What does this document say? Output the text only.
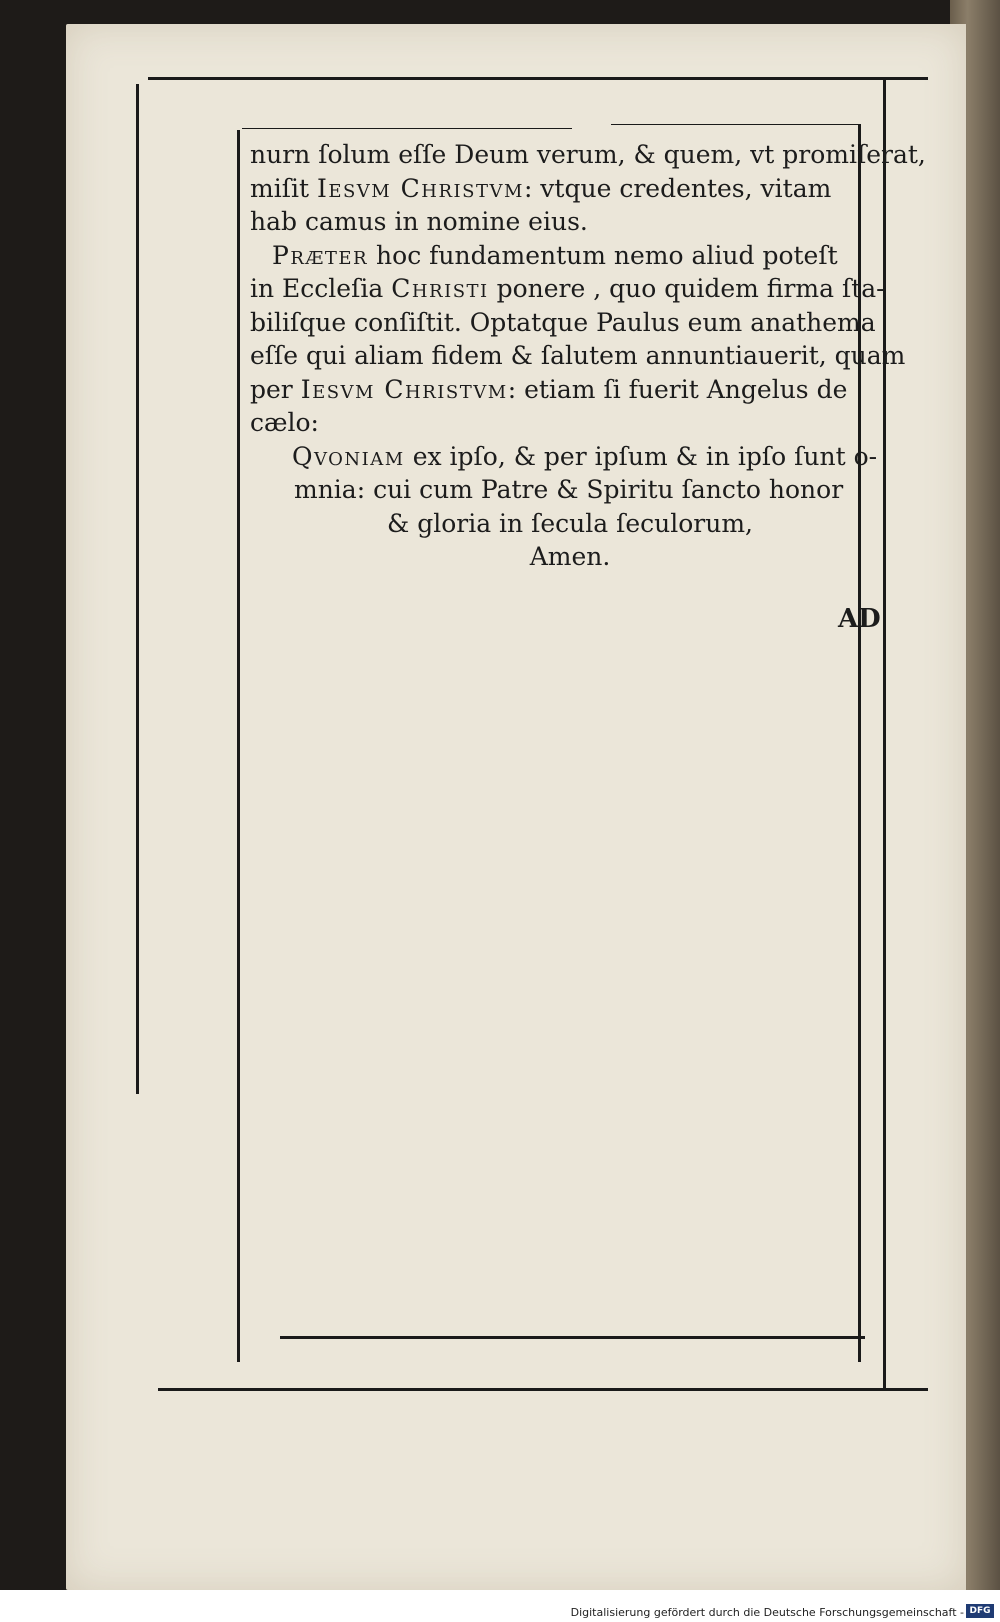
nurn ſolum eſſe Deum verum, & quem, vt promiſerat,
miſit Iesvm Christvm: vtque credentes, vitam
hab camus in nomine eius.
Præter hoc fundamentum nemo aliud poteſt
in Eccleſia Christi ponere , quo quidem firma ſta-
biliſque conſiſtit. Optatque Paulus eum anathema
eſſe qui aliam fidem & ſalutem annuntiauerit, quam
per Iesvm Christvm: etiam ſi fuerit Angelus de
cælo:
Qvoniam ex ipſo, & per ipſum & in ipſo ſunt o-
mnia: cui cum Patre & Spiritu ſancto honor
& gloria in ſecula ſeculorum,
Amen.
AD
Digitalisierung gefördert durch die Deutsche Forschungsgemeinschaft - DFG
